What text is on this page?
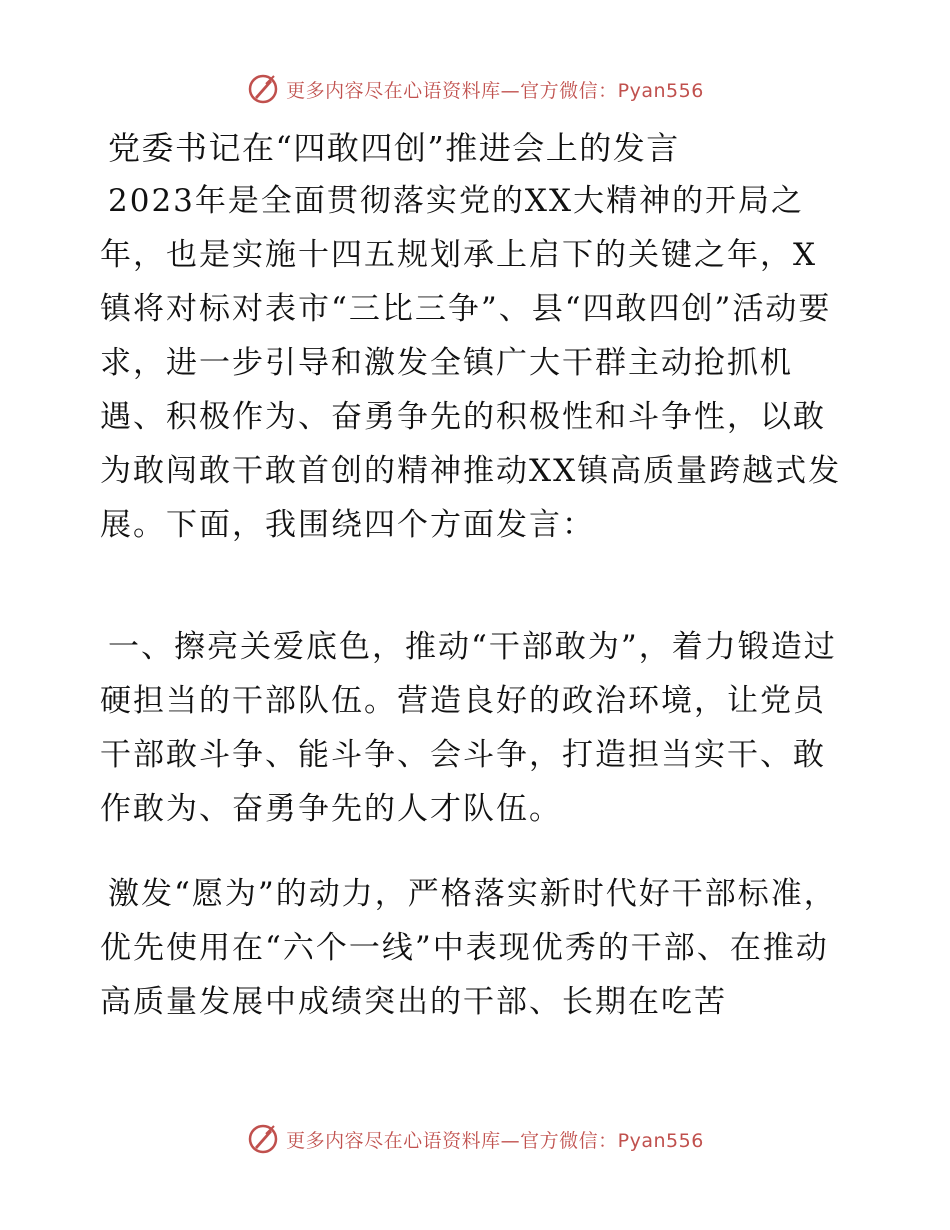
更多内容尽在心语资料库—官方微信：Pyan556
党委书记在“四敢四创”推进会上的发言

2023年是全面贯彻落实党的XX大精神的开局之年，也是实施十四五规划承上启下的关键之年，X镇将对标对表市“三比三争”、县“四敢四创”活动要求，进一步引导和激发全镇广大干群主动抢抓机遇、积极作为、奋勇争先的积极性和斗争性，以敢为敢闯敢干敢首创的精神推动XX镇高质量跨越式发展。下面，我围绕四个方面发言：

一、擦亮关爱底色，推动“干部敢为”，着力锻造过硬担当的干部队伍。营造良好的政治环境，让党员干部敢斗争、能斗争、会斗争，打造担当实干、敢作敢为、奋勇争先的人才队伍。

激发“愿为”的动力，严格落实新时代好干部标准，优先使用在“六个一线”中表现优秀的干部、在推动高质量发展中成绩突出的干部、长期在吃苦

更多内容尽在心语资料库—官方微信：Pyan556
